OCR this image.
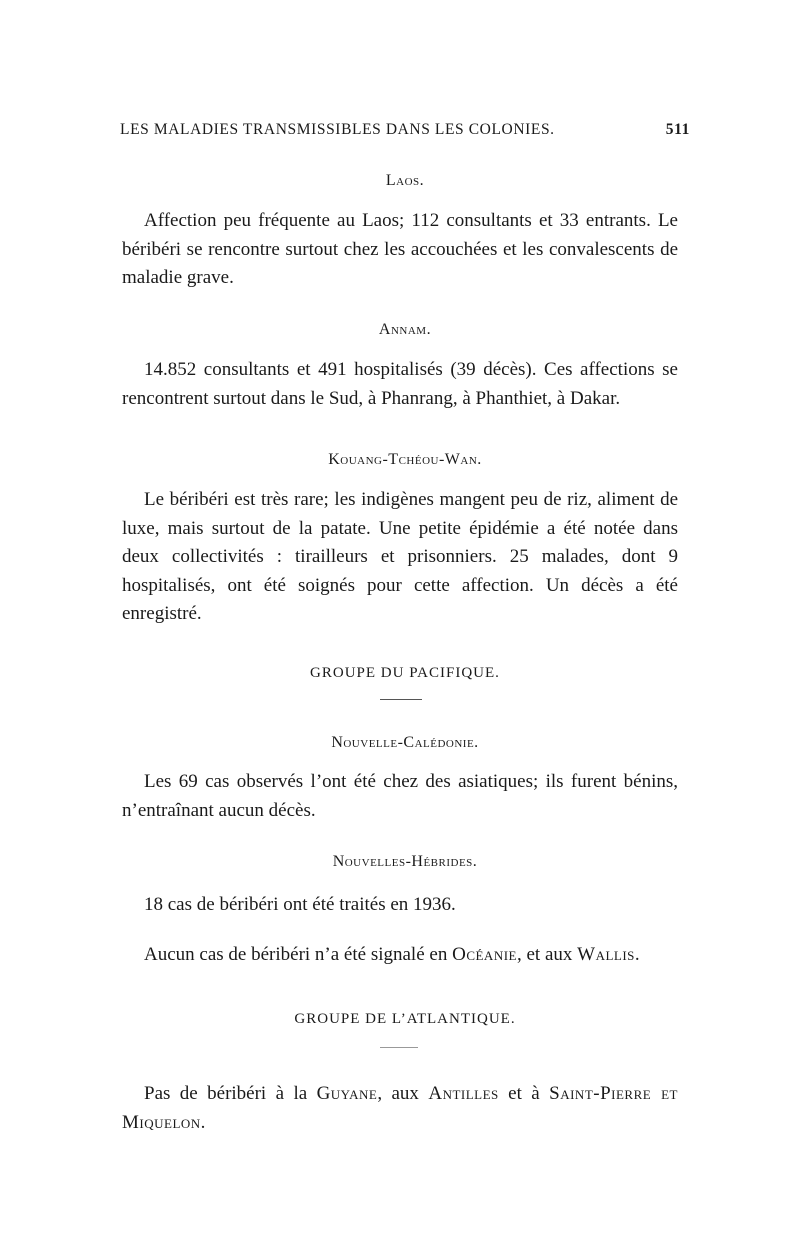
LES MALADIES TRANSMISSIBLES DANS LES COLONIES.	511
Laos.
Affection peu fréquente au Laos; 112 consultants et 33 entrants. Le béribéri se rencontre surtout chez les accouchées et les convalescents de maladie grave.
Annam.
14.852 consultants et 491 hospitalisés (39 décès). Ces affections se rencontrent surtout dans le Sud, à Phanrang, à Phanthiet, à Dakar.
Kouang-Tchéou-Wan.
Le béribéri est très rare; les indigènes mangent peu de riz, aliment de luxe, mais surtout de la patate. Une petite épidémie a été notée dans deux collectivités : tirailleurs et prisonniers. 25 malades, dont 9 hospitalisés, ont été soignés pour cette affection. Un décès a été enregistré.
GROUPE DU PACIFIQUE.
Nouvelle-Calédonie.
Les 69 cas observés l’ont été chez des asiatiques; ils furent bénins, n’entraînant aucun décès.
Nouvelles-Hébrides.
18 cas de béribéri ont été traités en 1936.
Aucun cas de béribéri n’a été signalé en Océanie, et aux Wallis.
GROUPE DE L’ATLANTIQUE.
Pas de béribéri à la Guyane, aux Antilles et à Saint-Pierre et Miquelon.
